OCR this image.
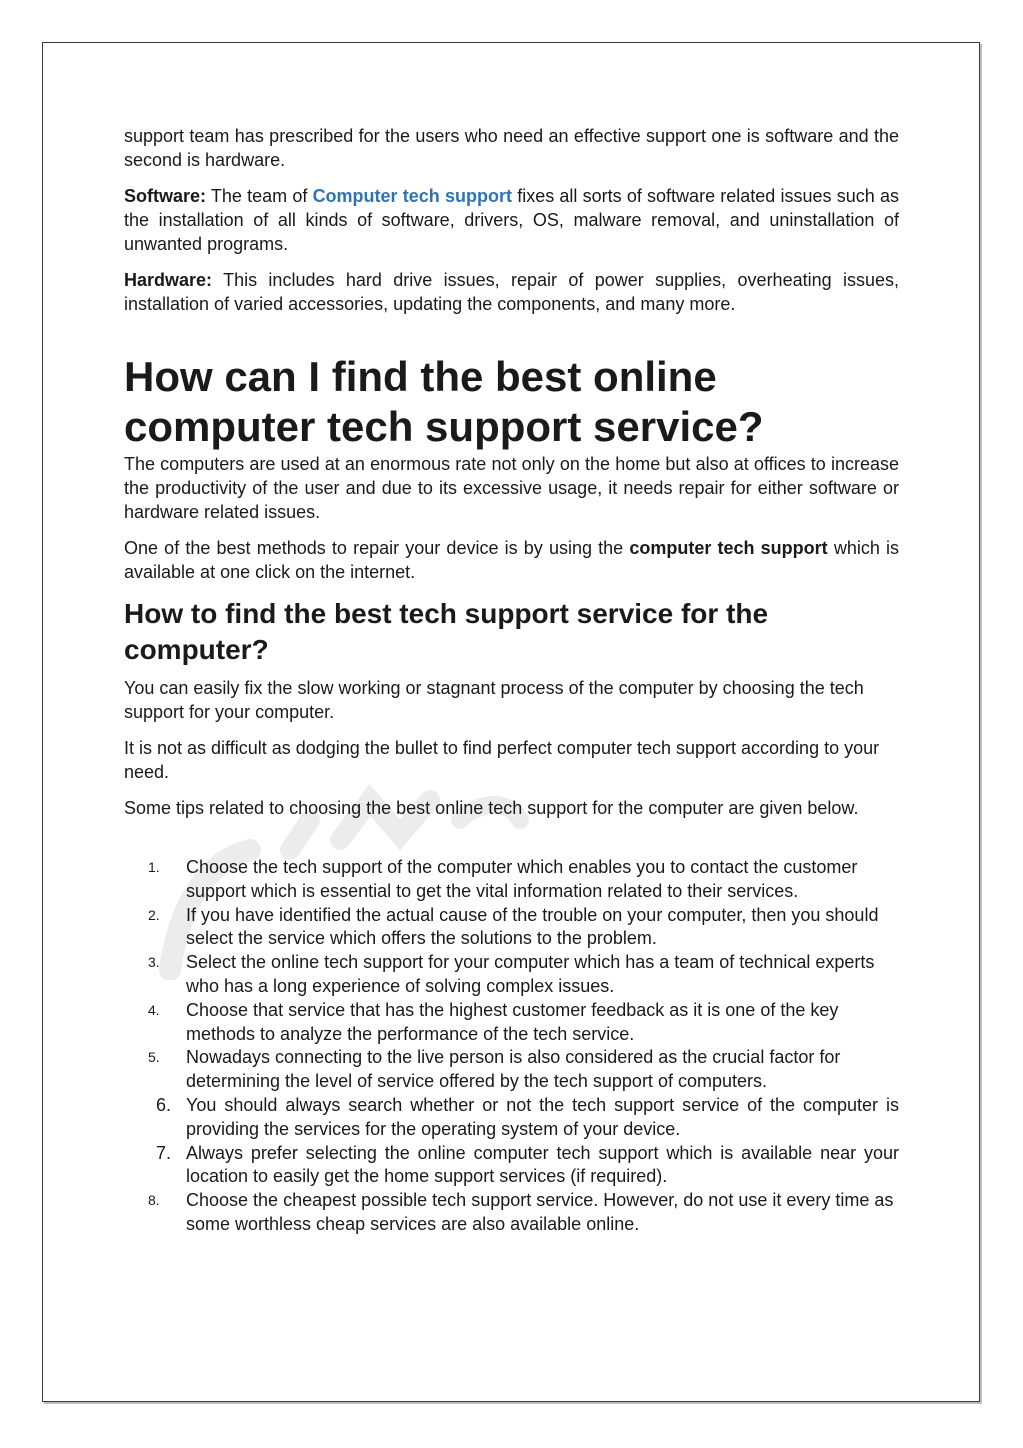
support team has prescribed for the users who need an effective support one is software and the second is hardware.

Software: The team of Computer tech support fixes all sorts of software related issues such as the installation of all kinds of software, drivers, OS, malware removal, and uninstallation of unwanted programs.

Hardware: This includes hard drive issues, repair of power supplies, overheating issues, installation of varied accessories, updating the components, and many more.

How can I find the best online computer tech support service?

The computers are used at an enormous rate not only on the home but also at offices to increase the productivity of the user and due to its excessive usage, it needs repair for either software or hardware related issues.

One of the best methods to repair your device is by using the computer tech support which is available at one click on the internet.

How to find the best tech support service for the computer?

You can easily fix the slow working or stagnant process of the computer by choosing the tech support for your computer.

It is not as difficult as dodging the bullet to find perfect computer tech support according to your need.

Some tips related to choosing the best online tech support for the computer are given below.

1.	Choose the tech support of the computer which enables you to contact the customer support which is essential to get the vital information related to their services.
2.	If you have identified the actual cause of the trouble on your computer, then you should select the service which offers the solutions to the problem.
3.	Select the online tech support for your computer which has a team of technical experts who has a long experience of solving complex issues.
4.	Choose that service that has the highest customer feedback as it is one of the key methods to analyze the performance of the tech service.
5.	Nowadays connecting to the live person is also considered as the crucial factor for determining the level of service offered by the tech support of computers.
6. You should always search whether or not the tech support service of the computer is providing the services for the operating system of your device.
7. Always prefer selecting the online computer tech support which is available near your location to easily get the home support services (if required).
8.	Choose the cheapest possible tech support service. However, do not use it every time as some worthless cheap services are also available online.
